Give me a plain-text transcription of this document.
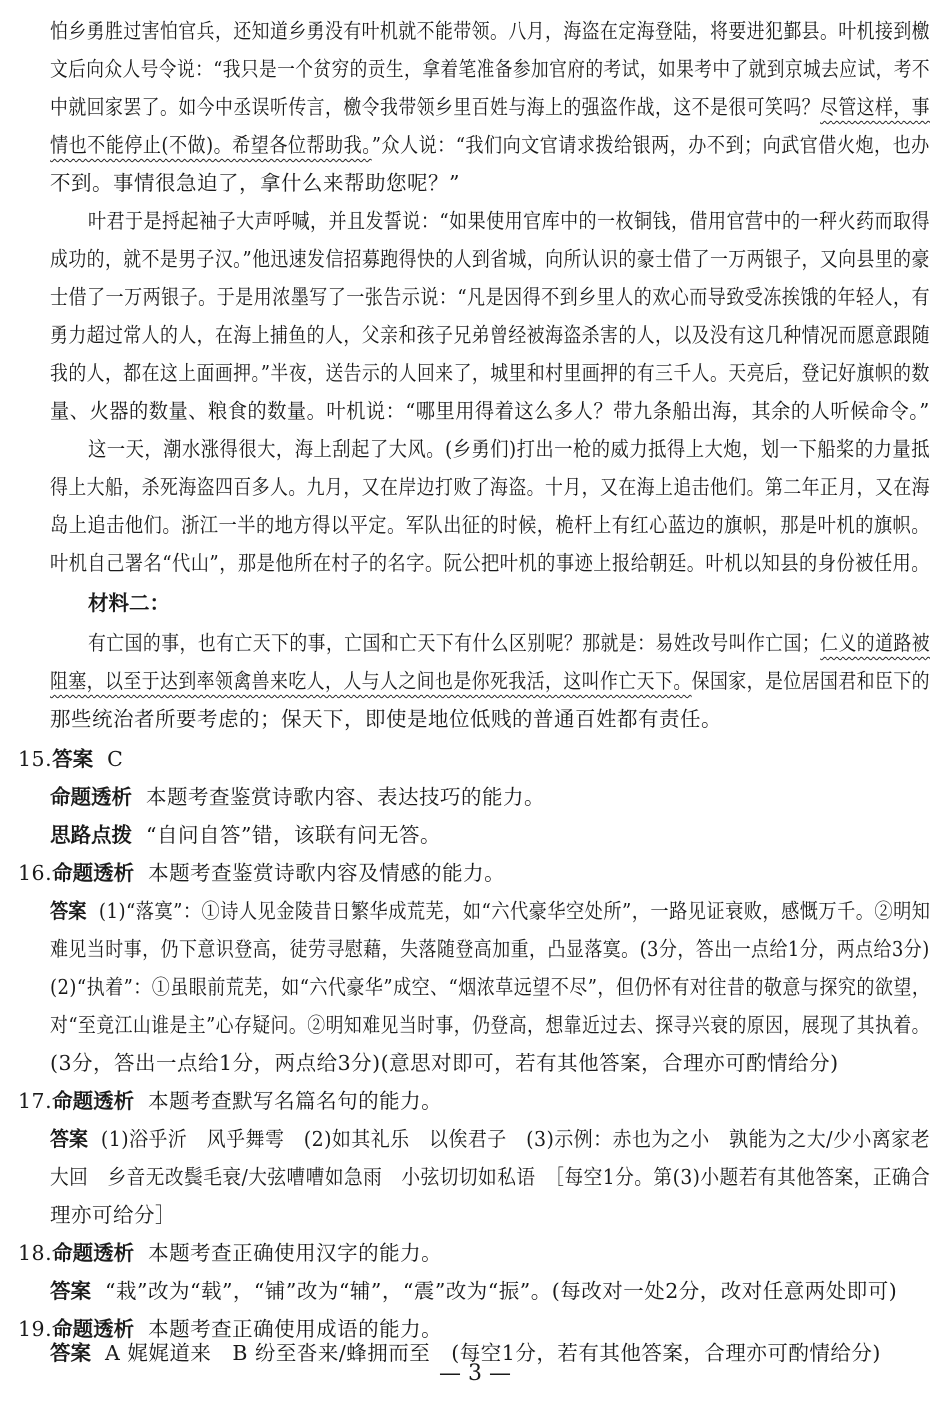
怕乡勇胜过害怕官兵，还知道乡勇没有叶机就不能带领。八月，海盗在定海登陆，将要进犯鄞县。叶机接到檄
文后向众人号令说：“我只是一个贫穷的贡生，拿着笔准备参加官府的考试，如果考中了就到京城去应试，考不
中就回家罢了。如今中丞误听传言，檄令我带领乡里百姓与海上的强盗作战，这不是很可笑吗？尽管这样，事
情也不能停止(不做)。希望各位帮助我。”众人说：“我们向文官请求拨给银两，办不到；向武官借火炮，也办
不到。事情很急迫了，拿什么来帮助您呢？”
叶君于是捋起袖子大声呼喊，并且发誓说：“如果使用官库中的一枚铜钱，借用官营中的一秤火药而取得
成功的，就不是男子汉。”他迅速发信招募跑得快的人到省城，向所认识的豪士借了一万两银子，又向县里的豪
士借了一万两银子。于是用浓墨写了一张告示说：“凡是因得不到乡里人的欢心而导致受冻挨饿的年轻人，有
勇力超过常人的人，在海上捕鱼的人，父亲和孩子兄弟曾经被海盗杀害的人，以及没有这几种情况而愿意跟随
我的人，都在这上面画押。”半夜，送告示的人回来了，城里和村里画押的有三千人。天亮后，登记好旗帜的数
量、火器的数量、粮食的数量。叶机说：“哪里用得着这么多人？带九条船出海，其余的人听候命令。”
这一天，潮水涨得很大，海上刮起了大风。(乡勇们)打出一枪的威力抵得上大炮，划一下船桨的力量抵
得上大船，杀死海盗四百多人。九月，又在岸边打败了海盗。十月，又在海上追击他们。第二年正月，又在海
岛上追击他们。浙江一半的地方得以平定。军队出征的时候，桅杆上有红心蓝边的旗帜，那是叶机的旗帜。
叶机自己署名“代山”，那是他所在村子的名字。阮公把叶机的事迹上报给朝廷。叶机以知县的身份被任用。
材料二：
有亡国的事，也有亡天下的事，亡国和亡天下有什么区别呢？那就是：易姓改号叫作亡国；仁义的道路被
阻塞，以至于达到率领禽兽来吃人，人与人之间也是你死我活，这叫作亡天下。保国家，是位居国君和臣下的
那些统治者所要考虑的；保天下，即使是地位低贱的普通百姓都有责任。
15.答案 C
命题透析 本题考查鉴赏诗歌内容、表达技巧的能力。
思路点拨 “自问自答”错，该联有问无答。
16.命题透析 本题考查鉴赏诗歌内容及情感的能力。
答案 (1)“落寞”：①诗人见金陵昔日繁华成荒芜，如“六代豪华空处所”，一路见证衰败，感慨万千。②明知
难见当时事，仍下意识登高，徒劳寻慰藉，失落随登高加重，凸显落寞。(3分，答出一点给1分，两点给3分)
(2)“执着”：①虽眼前荒芜，如“六代豪华”成空、“烟浓草远望不尽”，但仍怀有对往昔的敬意与探究的欲望，
对“至竟江山谁是主”心存疑问。②明知难见当时事，仍登高，想靠近过去、探寻兴衰的原因，展现了其执着。
(3分，答出一点给1分，两点给3分)(意思对即可，若有其他答案，合理亦可酌情给分)
17.命题透析 本题考查默写名篇名句的能力。
答案 (1)浴乎沂　风乎舞雩　(2)如其礼乐　以俟君子　(3)示例：赤也为之小　孰能为之大/少小离家老
大回　乡音无改鬓毛衰/大弦嘈嘈如急雨　小弦切切如私语　［每空1分。第(3)小题若有其他答案，正确合
理亦可给分］
18.命题透析 本题考查正确使用汉字的能力。
答案 “栽”改为“载”，“铺”改为“辅”，“震”改为“振”。(每改对一处2分，改对任意两处即可)
19.命题透析 本题考查正确使用成语的能力。
答案 A 娓娓道来　B 纷至沓来/蜂拥而至　(每空1分，若有其他答案，合理亦可酌情给分)
— 3 —
